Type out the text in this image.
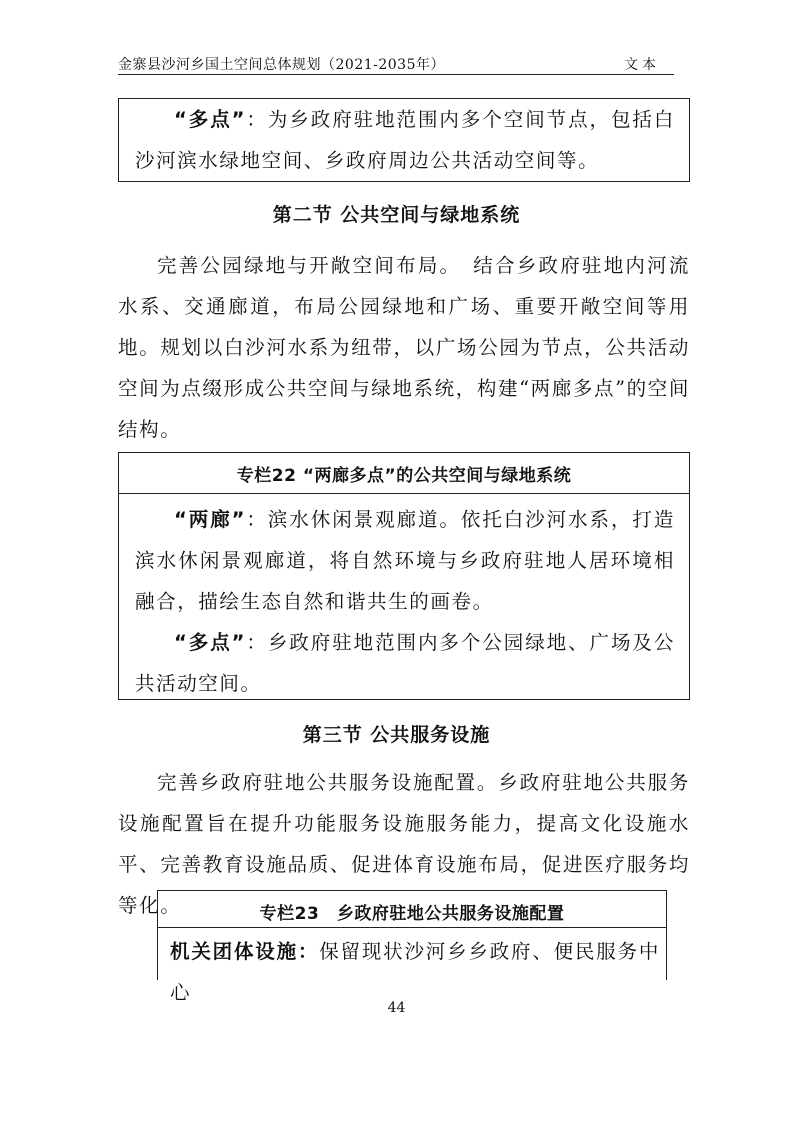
金寨县沙河乡国土空间总体规划（2021-2035年）	文本

“多点”：为乡政府驻地范围内多个空间节点，包括白沙河滨水绿地空间、乡政府周边公共活动空间等。

第二节 公共空间与绿地系统

完善公园绿地与开敞空间布局。　结合乡政府驻地内河流水系、交通廊道，布局公园绿地和广场、重要开敞空间等用地。规划以白沙河水系为纽带，以广场公园为节点，公共活动空间为点缀形成公共空间与绿地系统，构建“两廊多点”的空间结构。

专栏22 “两廊多点”的公共空间与绿地系统

“两廊”：滨水休闲景观廊道。依托白沙河水系，打造滨水休闲景观廊道，将自然环境与乡政府驻地人居环境相融合，描绘生态自然和谐共生的画卷。

“多点”：乡政府驻地范围内多个公园绿地、广场及公共活动空间。

第三节 公共服务设施

完善乡政府驻地公共服务设施配置。乡政府驻地公共服务设施配置旨在提升功能服务设施服务能力，提高文化设施水平、完善教育设施品质、促进体育设施布局，促进医疗服务均等化。	专栏23　乡政府驻地公共服务设施配置

机关团体设施：保留现状沙河乡乡政府、便民服务中心

44
